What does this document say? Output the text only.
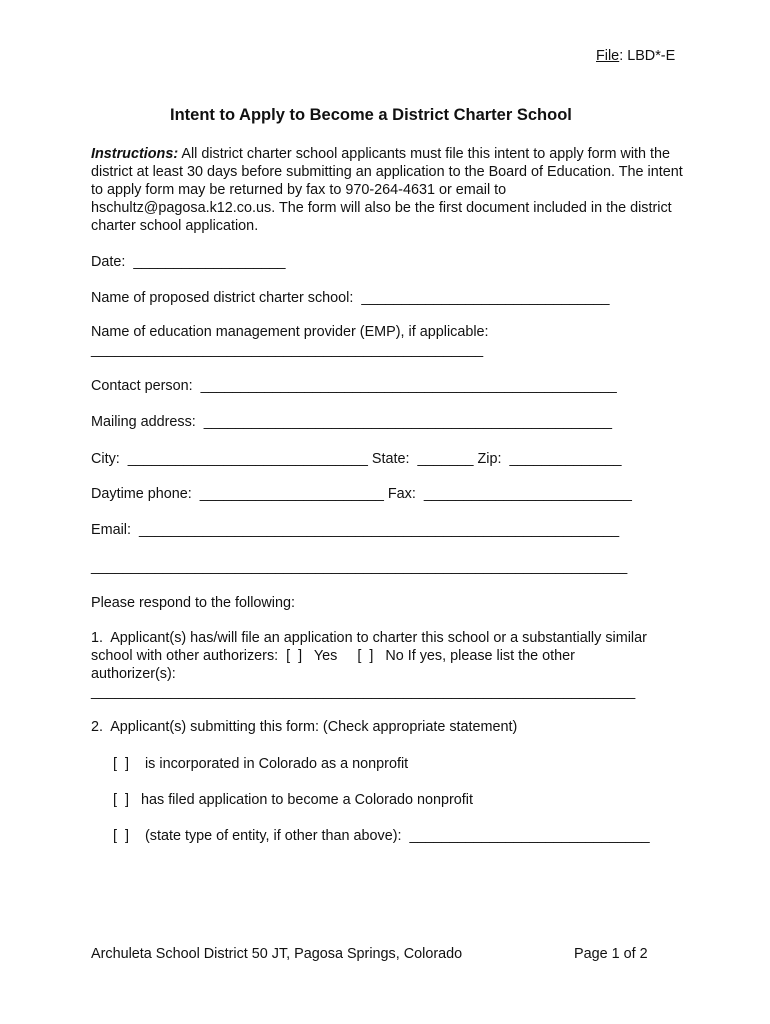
File: LBD*-E
Intent to Apply to Become a District Charter School
Instructions: All district charter school applicants must file this intent to apply form with the district at least 30 days before submitting an application to the Board of Education. The intent to apply form may be returned by fax to 970-264-4631 or email to hschultz@pagosa.k12.co.us. The form will also be the first document included in the district charter school application.
Date:  ___________________
Name of proposed district charter school:  _______________________________
Name of education management provider (EMP), if applicable:
_________________________________________________
Contact person:  ____________________________________________________
Mailing address:  ___________________________________________________
City:  ______________________________ State:  _______ Zip:  ______________
Daytime phone:  _______________________ Fax:  __________________________
Email:  ____________________________________________________________
___________________________________________________________________
Please respond to the following:
1.  Applicant(s) has/will file an application to charter this school or a substantially similar
school with other authorizers:  [  ]   Yes     [  ]   No If yes, please list the other
authorizer(s):
____________________________________________________________________
2.  Applicant(s) submitting this form: (Check appropriate statement)
[  ]    is incorporated in Colorado as a nonprofit
[  ]   has filed application to become a Colorado nonprofit
[  ]    (state type of entity, if other than above):  ______________________________
Archuleta School District 50 JT, Pagosa Springs, Colorado	Page 1 of 2
